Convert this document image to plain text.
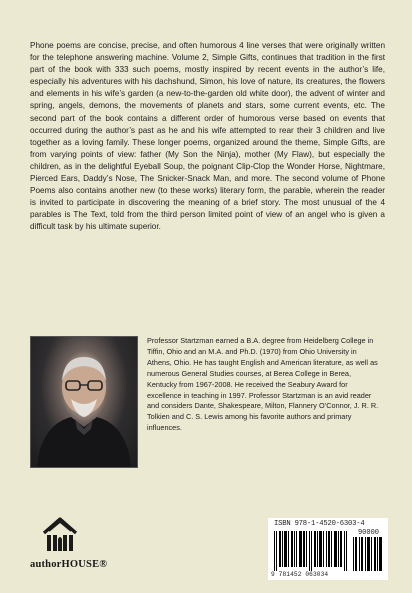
Phone poems are concise, precise, and often humorous 4 line verses that were originally written for the telephone answering machine. Volume 2, Simple Gifts, continues that tradition in the first part of the book with 333 such poems, mostly inspired by recent events in the author’s life, especially his adventures with his dachshund, Simon, his love of nature, its creatures, the flowers and elements in his wife’s garden (a new-to-the-garden old white door), the advent of winter and spring, angels, demons, the movements of planets and stars, some current events, etc. The second part of the book contains a different order of humorous verse based on events that occurred during the author’s past as he and his wife attempted to rear their 3 children and live together as a loving family. These longer poems, organized around the theme, Simple Gifts, are from varying points of view: father (My Son the Ninja), mother (My Flaw), but especially the children, as in the delightful Eyeball Soup, the poignant Clip-Clop the Wonder Horse, Nightmare, Pierced Ears, Daddy’s Nose, The Snicker-Snack Man, and more. The second volume of Phone Poems also contains another new (to these works) literary form, the parable, wherein the reader is invited to participate in discovering the meaning of a brief story. The most unusual of the 4 parables is The Text, told from the third person limited point of view of an angel who is given a difficult task by his ultimate superior.

Professor Startzman earned a B.A. degree from Heidelberg College in Tiffin, Ohio and an M.A. and Ph.D. (1970) from Ohio University in Athens, Ohio. He has taught English and American literature, as well as numerous General Studies courses, at Berea College in Berea, Kentucky from 1967-2008. He received the Seabury Award for excellence in teaching in 1997. Professor Startzman is an avid reader and considers Dante, Shakespeare, Milton, Flannery O’Connor, J. R. R. Tolkien and C. S. Lewis among his favorite authors and primary influences.

authorHOUSE®
ISBN 978-1-4520-6303-4
90000
9 781452 063034
